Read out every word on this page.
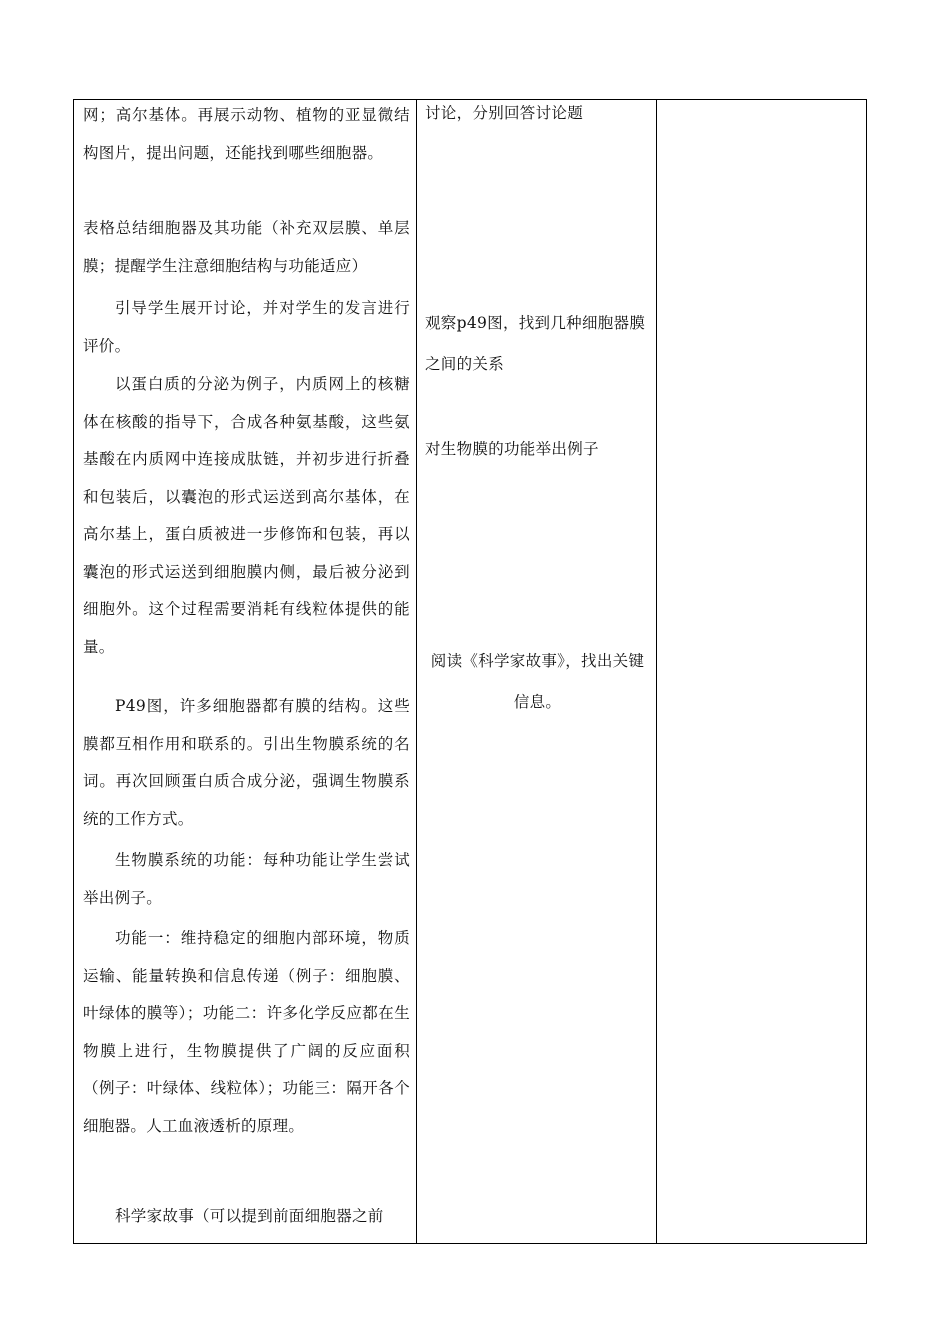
网；高尔基体。再展示动物、植物的亚显微结构图片，提出问题，还能找到哪些细胞器。

表格总结细胞器及其功能（补充双层膜、单层膜；提醒学生注意细胞结构与功能适应）

引导学生展开讨论，并对学生的发言进行评价。

以蛋白质的分泌为例子，内质网上的核糖体在核酸的指导下，合成各种氨基酸，这些氨基酸在内质网中连接成肽链，并初步进行折叠和包装后，以囊泡的形式运送到高尔基体，在高尔基上，蛋白质被进一步修饰和包装，再以囊泡的形式运送到细胞膜内侧，最后被分泌到细胞外。这个过程需要消耗有线粒体提供的能量。

P49图，许多细胞器都有膜的结构。这些膜都互相作用和联系的。引出生物膜系统的名词。再次回顾蛋白质合成分泌，强调生物膜系统的工作方式。

生物膜系统的功能：每种功能让学生尝试举出例子。

功能一：维持稳定的细胞内部环境，物质运输、能量转换和信息传递（例子：细胞膜、叶绿体的膜等）；功能二：许多化学反应都在生物膜上进行，生物膜提供了广阔的反应面积（例子：叶绿体、线粒体）；功能三：隔开各个细胞器。人工血液透析的原理。

科学家故事（可以提到前面细胞器之前

讨论，分别回答讨论题

观察p49图，找到几种细胞器膜之间的关系

对生物膜的功能举出例子

阅读《科学家故事》，找出关键信息。
